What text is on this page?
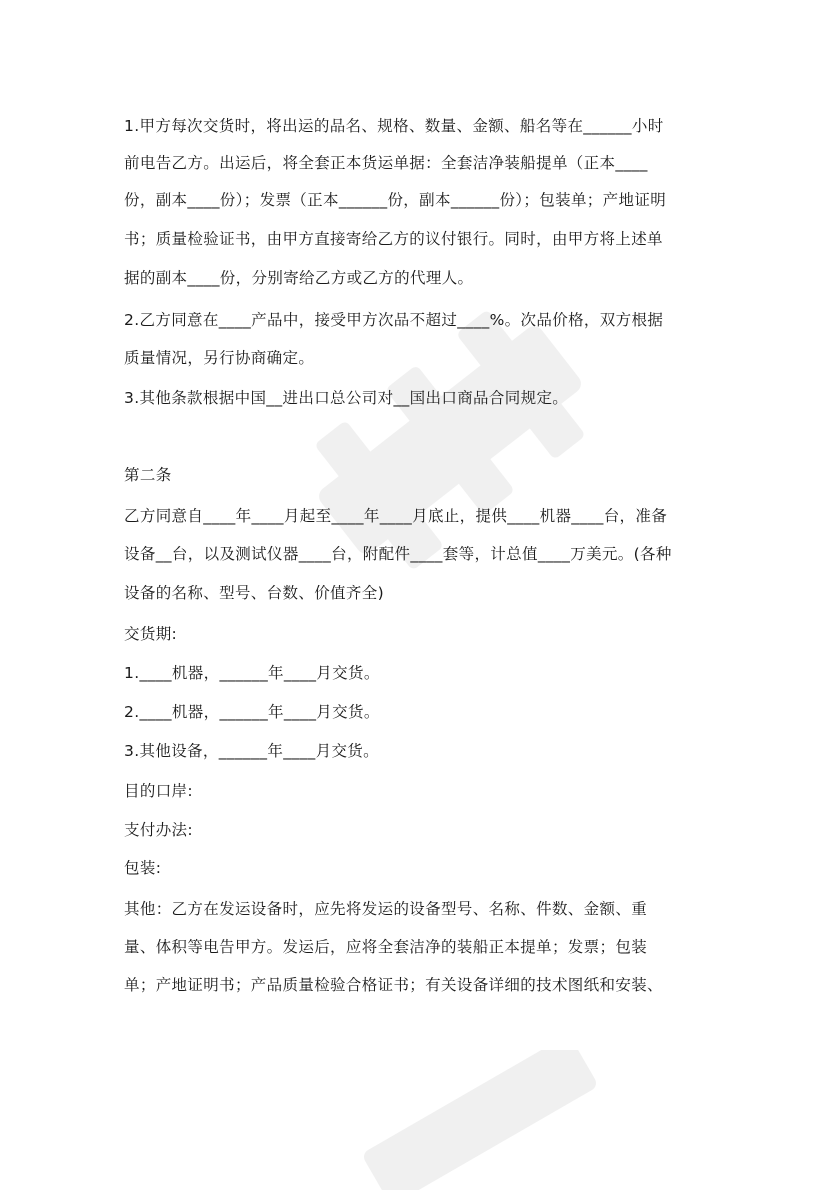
1.甲方每次交货时，将出运的品名、规格、数量、金额、船名等在______小时
前电告乙方。出运后，将全套正本货运单据：全套洁净装船提单（正本____
份，副本____份）；发票（正本______份，副本______份）；包装单；产地证明
书；质量检验证书，由甲方直接寄给乙方的议付银行。同时，由甲方将上述单
据的副本____份，分别寄给乙方或乙方的代理人。
2.乙方同意在____产品中，接受甲方次品不超过____%。次品价格，双方根据
质量情况，另行协商确定。
3.其他条款根据中国__进出口总公司对__国出口商品合同规定。
第二条
乙方同意自____年____月起至____年____月底止，提供____机器____台，准备
设备__台，以及测试仪器____台，附配件____套等，计总值____万美元。(各种
设备的名称、型号、台数、价值齐全)
交货期:
1.____机器，______年____月交货。
2.____机器，______年____月交货。
3.其他设备，______年____月交货。
目的口岸:
支付办法:
包装:
其他：乙方在发运设备时，应先将发运的设备型号、名称、件数、金额、重
量、体积等电告甲方。发运后，应将全套洁净的装船正本提单；发票；包装
单；产地证明书；产品质量检验合格证书；有关设备详细的技术图纸和安装、
